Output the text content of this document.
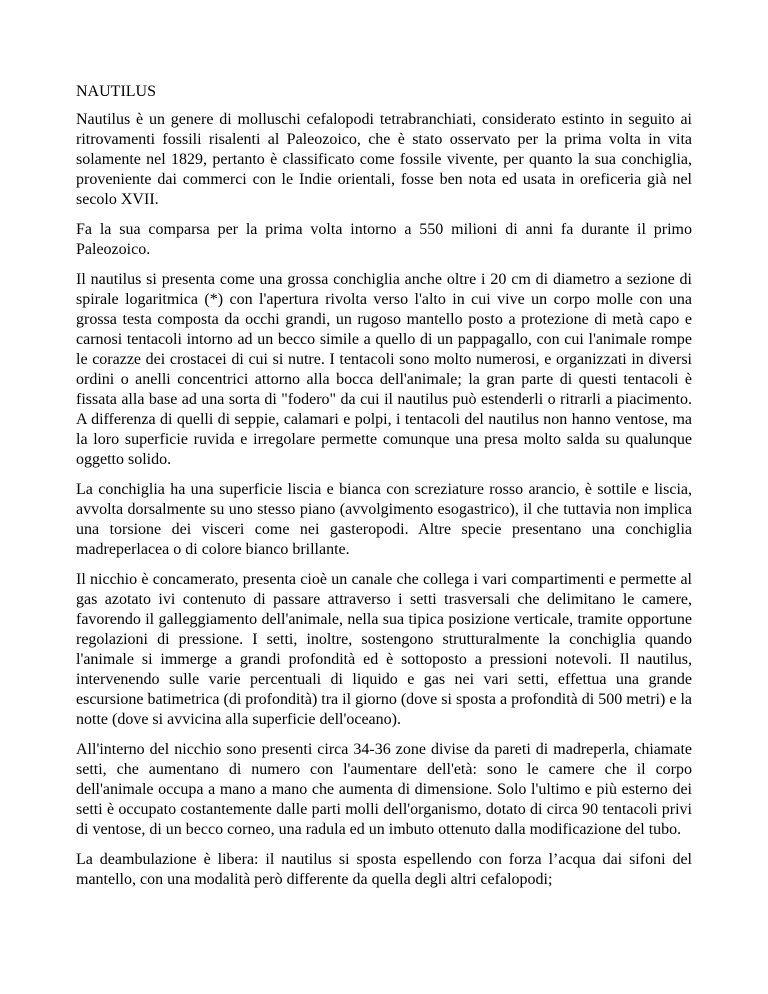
NAUTILUS

Nautilus è un genere di molluschi cefalopodi tetrabranchiati, considerato estinto in seguito ai ritrovamenti fossili risalenti al Paleozoico, che è stato osservato per la prima volta in vita solamente nel 1829, pertanto è classificato come fossile vivente, per quanto la sua conchiglia, proveniente dai commerci con le Indie orientali, fosse ben nota ed usata in oreficeria già nel secolo XVII.

Fa la sua comparsa per la prima volta intorno a 550 milioni di anni fa durante il primo Paleozoico.

Il nautilus si presenta come una grossa conchiglia anche oltre i 20 cm di diametro a sezione di spirale logaritmica (*) con l'apertura rivolta verso l'alto in cui vive un corpo molle con una grossa testa composta da occhi grandi, un rugoso mantello posto a protezione di metà capo e carnosi tentacoli intorno ad un becco simile a quello di un pappagallo, con cui l'animale rompe le corazze dei crostacei di cui si nutre. I tentacoli sono molto numerosi, e organizzati in diversi ordini o anelli concentrici attorno alla bocca dell'animale; la gran parte di questi tentacoli è fissata alla base ad una sorta di "fodero" da cui il nautilus può estenderli o ritrarli a piacimento. A differenza di quelli di seppie, calamari e polpi, i tentacoli del nautilus non hanno ventose, ma la loro superficie ruvida e irregolare permette comunque una presa molto salda su qualunque oggetto solido.

La conchiglia ha una superficie liscia e bianca con screziature rosso arancio, è sottile e liscia, avvolta dorsalmente su uno stesso piano (avvolgimento esogastrico), il che tuttavia non implica una torsione dei visceri come nei gasteropodi. Altre specie presentano una conchiglia madreperlacea o di colore bianco brillante.

Il nicchio è concamerato, presenta cioè un canale che collega i vari compartimenti e permette al gas azotato ivi contenuto di passare attraverso i setti trasversali che delimitano le camere, favorendo il galleggiamento dell'animale, nella sua tipica posizione verticale, tramite opportune regolazioni di pressione. I setti, inoltre, sostengono strutturalmente la conchiglia quando l'animale si immerge a grandi profondità ed è sottoposto a pressioni notevoli. Il nautilus, intervenendo sulle varie percentuali di liquido e gas nei vari setti, effettua una grande escursione batimetrica (di profondità) tra il giorno (dove si sposta a profondità di 500 metri) e la notte (dove si avvicina alla superficie dell'oceano).

All'interno del nicchio sono presenti circa 34-36 zone divise da pareti di madreperla, chiamate setti, che aumentano di numero con l'aumentare dell'età: sono le camere che il corpo dell'animale occupa a mano a mano che aumenta di dimensione. Solo l'ultimo e più esterno dei setti è occupato costantemente dalle parti molli dell'organismo, dotato di circa 90 tentacoli privi di ventose, di un becco corneo, una radula ed un imbuto ottenuto dalla modificazione del tubo.

La deambulazione è libera: il nautilus si sposta espellendo con forza l’acqua dai sifoni del mantello, con una modalità però differente da quella degli altri cefalopodi;
